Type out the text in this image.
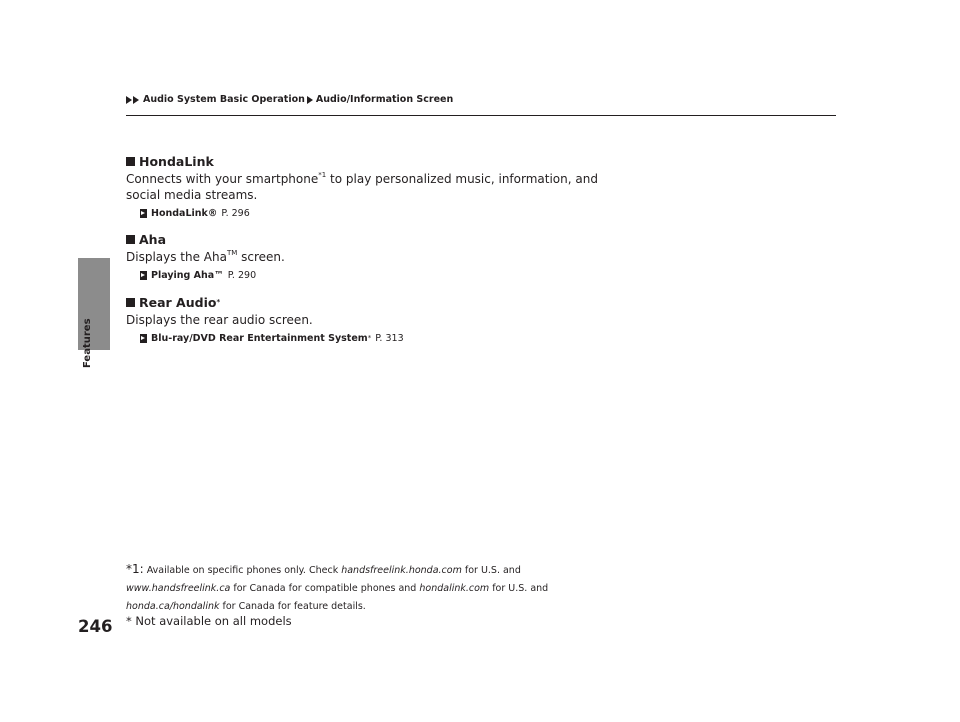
Features
246
Audio System Basic Operation Audio/Information Screen
HondaLink
Connects with your smartphone$^{*1}$ to play personalized music, information, and
social media streams.
HondaLink® P. 296
Aha
Displays the Aha™ screen.
Playing Aha™ P. 290
Rear Audio*
Displays the rear audio screen.
Blu-ray/DVD Rear Entertainment System* P. 313
*1: Available on specific phones only. Check handsfreelink.honda.com for U.S. and
www.handsfreelink.ca for Canada for compatible phones and hondalink.com for U.S. and
honda.ca/hondalink for Canada for feature details.
* Not available on all models
